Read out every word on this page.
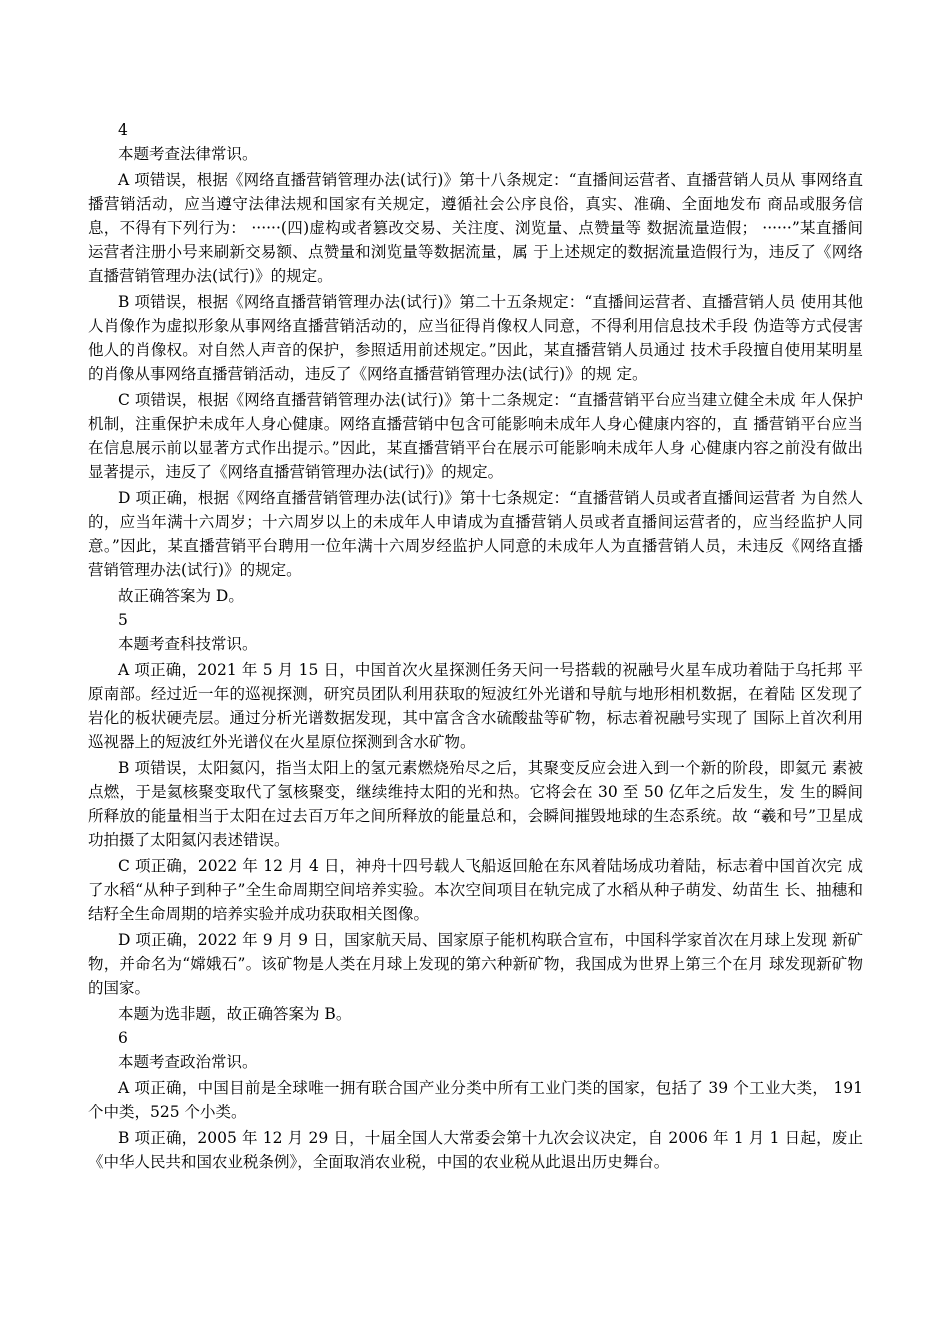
4
本题考查法律常识。

A 项错误，根据《网络直播营销管理办法(试行)》第十八条规定：“直播间运营者、直播营销人员从 事网络直播营销活动，应当遵守法律法规和国家有关规定，遵循社会公序良俗，真实、准确、全面地发布 商品或服务信息，不得有下列行为： ······(四)虚构或者篡改交易、关注度、浏览量、点赞量等 数据流量造假； ······”某直播间运营者注册小号来刷新交易额、点赞量和浏览量等数据流量，属 于上述规定的数据流量造假行为，违反了《网络直播营销管理办法(试行)》的规定。

B 项错误，根据《网络直播营销管理办法(试行)》第二十五条规定：“直播间运营者、直播营销人员 使用其他人肖像作为虚拟形象从事网络直播营销活动的，应当征得肖像权人同意，不得利用信息技术手段 伪造等方式侵害他人的肖像权。对自然人声音的保护，参照适用前述规定。”因此，某直播营销人员通过 技术手段擅自使用某明星的肖像从事网络直播营销活动，违反了《网络直播营销管理办法(试行)》的规 定。

C 项错误，根据《网络直播营销管理办法(试行)》第十二条规定：“直播营销平台应当建立健全未成 年人保护机制，注重保护未成年人身心健康。网络直播营销中包含可能影响未成年人身心健康内容的，直 播营销平台应当在信息展示前以显著方式作出提示。”因此，某直播营销平台在展示可能影响未成年人身 心健康内容之前没有做出显著提示，违反了《网络直播营销管理办法(试行)》的规定。

D 项正确，根据《网络直播营销管理办法(试行)》第十七条规定：“直播营销人员或者直播间运营者 为自然人的，应当年满十六周岁；十六周岁以上的未成年人申请成为直播营销人员或者直播间运营者的，应当经监护人同意。”因此，某直播营销平台聘用一位年满十六周岁经监护人同意的未成年人为直播营销人员，未违反《网络直播营销管理办法(试行)》的规定。

故正确答案为 D。
5
本题考查科技常识。

A 项正确，2021 年 5 月 15 日，中国首次火星探测任务天问一号搭载的祝融号火星车成功着陆于乌托邦 平原南部。经过近一年的巡视探测，研究员团队利用获取的短波红外光谱和导航与地形相机数据，在着陆 区发现了岩化的板状硬壳层。通过分析光谱数据发现，其中富含含水硫酸盐等矿物，标志着祝融号实现了 国际上首次利用巡视器上的短波红外光谱仪在火星原位探测到含水矿物。

B 项错误，太阳氦闪，指当太阳上的氢元素燃烧殆尽之后，其聚变反应会进入到一个新的阶段，即氦元 素被点燃，于是氦核聚变取代了氢核聚变，继续维持太阳的光和热。它将会在 30 至 50 亿年之后发生，发 生的瞬间所释放的能量相当于太阳在过去百万年之间所释放的能量总和，会瞬间摧毁地球的生态系统。故 “羲和号”卫星成功拍摄了太阳氦闪表述错误。

C 项正确，2022 年 12 月 4 日，神舟十四号载人飞船返回舱在东风着陆场成功着陆，标志着中国首次完 成了水稻“从种子到种子”全生命周期空间培养实验。本次空间项目在轨完成了水稻从种子萌发、幼苗生 长、抽穗和结籽全生命周期的培养实验并成功获取相关图像。

D 项正确，2022 年 9 月 9 日，国家航天局、国家原子能机构联合宣布，中国科学家首次在月球上发现 新矿物，并命名为“嫦娥石”。该矿物是人类在月球上发现的第六种新矿物，我国成为世界上第三个在月 球发现新矿物的国家。

本题为选非题，故正确答案为 B。
6
本题考查政治常识。

A 项正确，中国目前是全球唯一拥有联合国产业分类中所有工业门类的国家，包括了 39 个工业大类， 191 个中类，525 个小类。

B 项正确，2005 年 12 月 29 日，十届全国人大常委会第十九次会议决定，自 2006 年 1 月 1 日起，废止 《中华人民共和国农业税条例》，全面取消农业税，中国的农业税从此退出历史舞台。
